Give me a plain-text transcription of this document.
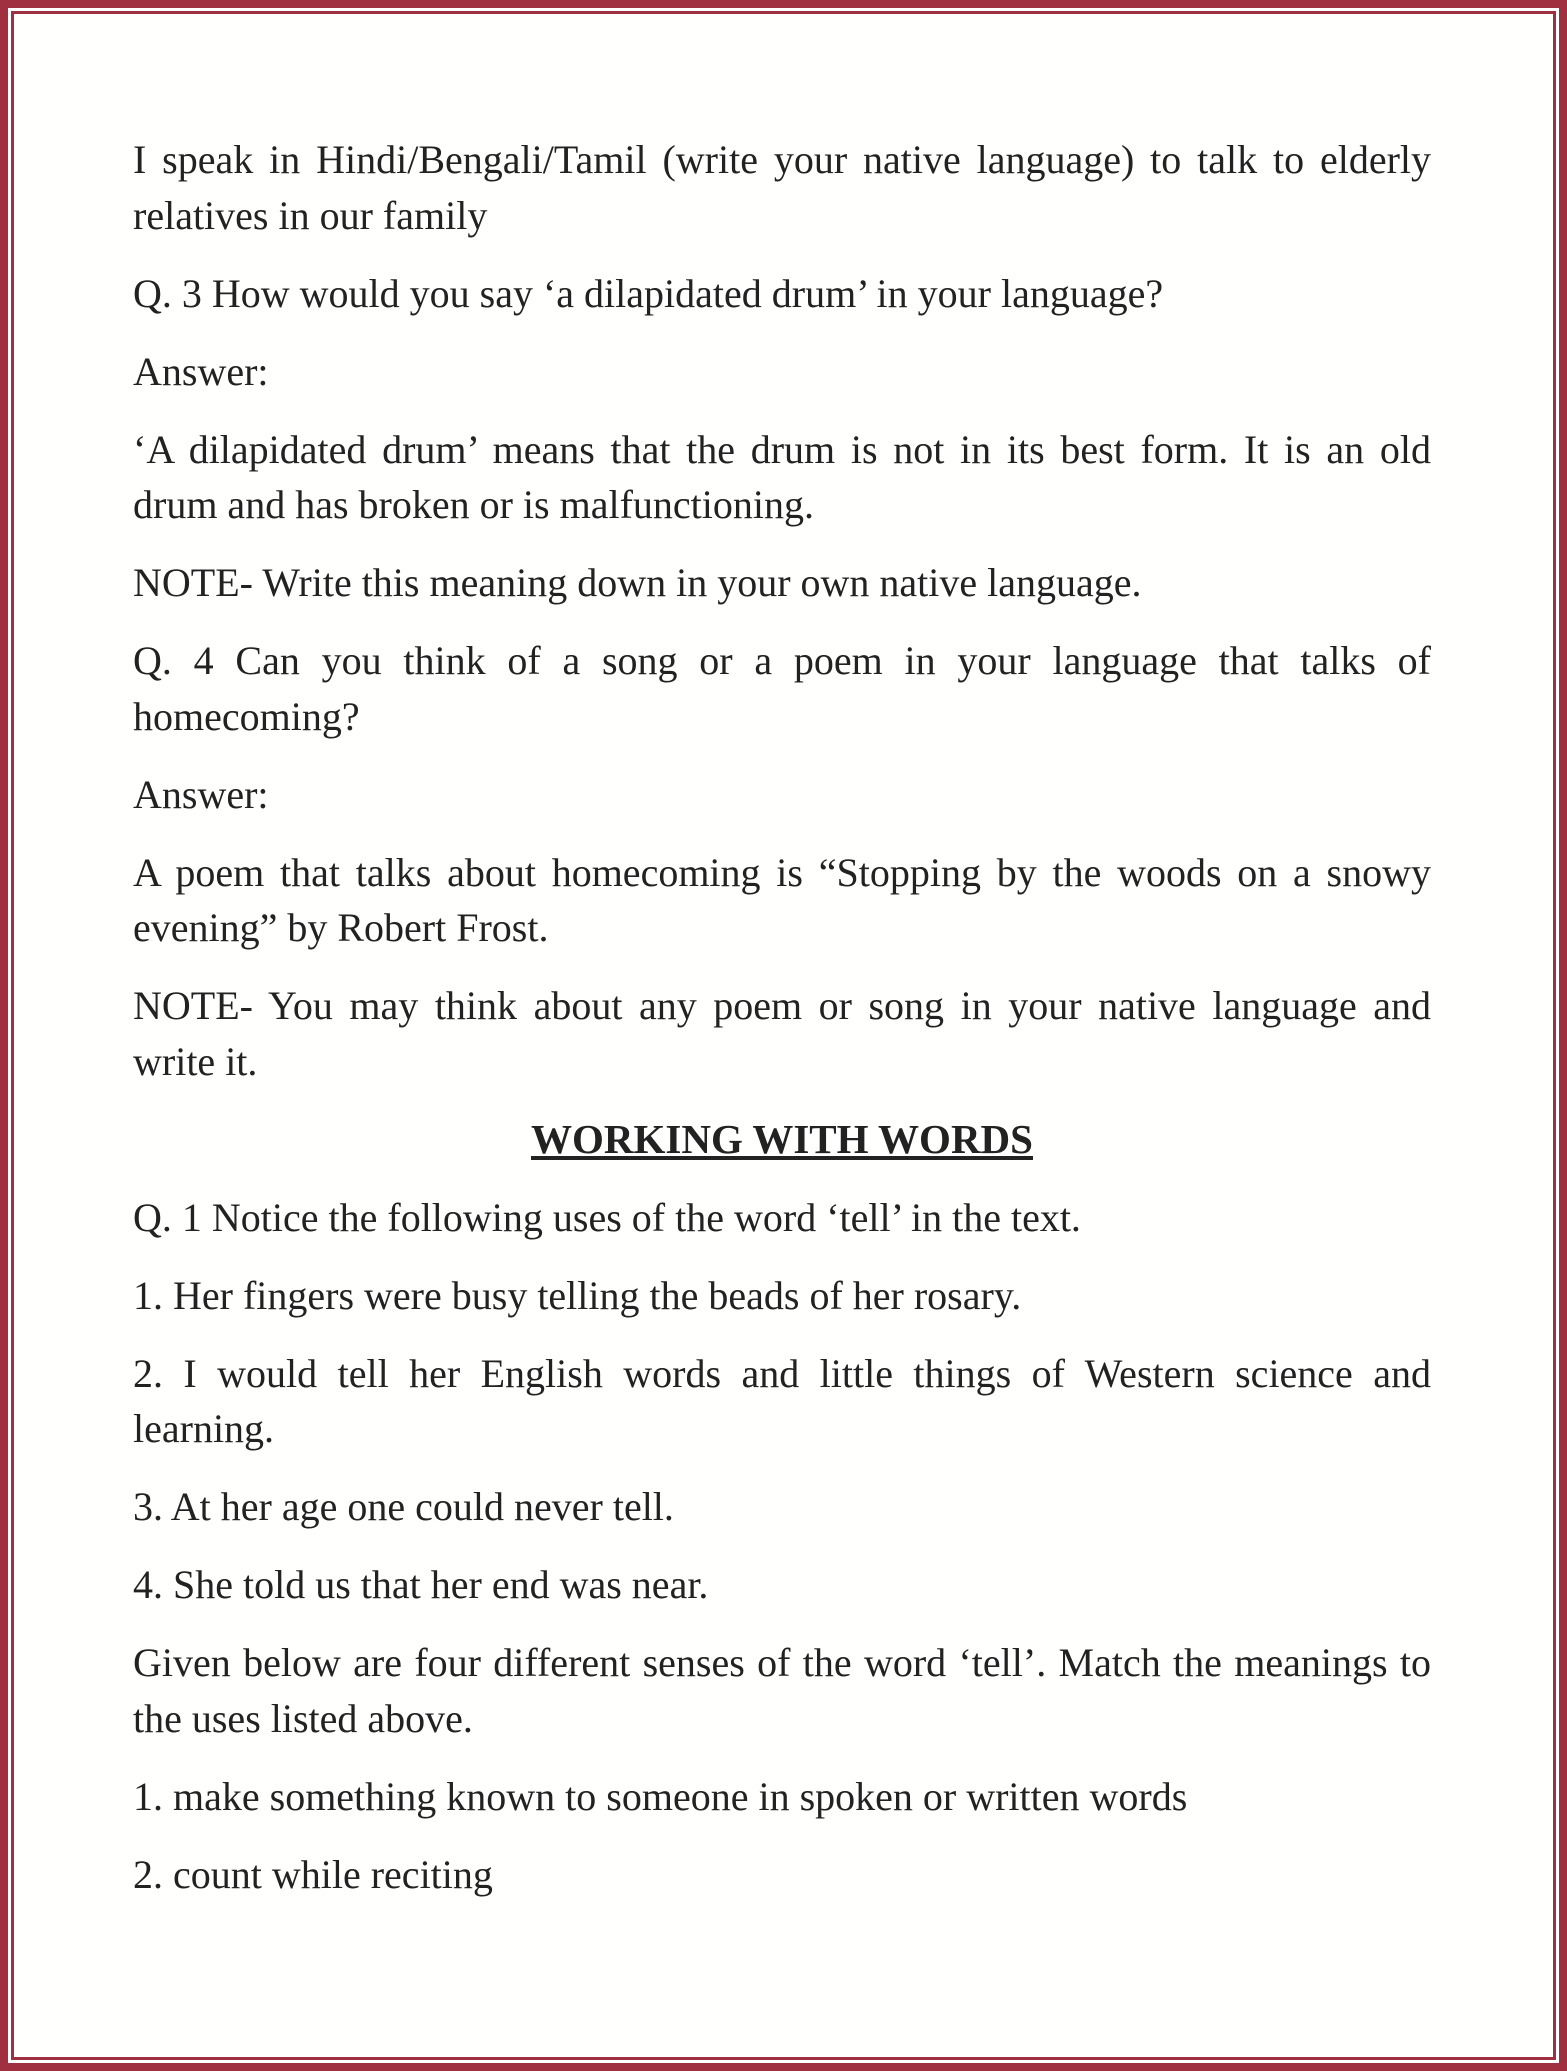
I speak in Hindi/Bengali/Tamil (write your native language) to talk to elderly relatives in our family

Q. 3 How would you say ‘a dilapidated drum’ in your language?

Answer:

‘A dilapidated drum’ means that the drum is not in its best form. It is an old drum and has broken or is malfunctioning.

NOTE- Write this meaning down in your own native language.

Q. 4 Can you think of a song or a poem in your language that talks of homecoming?

Answer:

A poem that talks about homecoming is “Stopping by the woods on a snowy evening” by Robert Frost.

NOTE- You may think about any poem or song in your native language and write it.

WORKING WITH WORDS

Q. 1 Notice the following uses of the word ‘tell’ in the text.

1. Her fingers were busy telling the beads of her rosary.

2. I would tell her English words and little things of Western science and learning.

3. At her age one could never tell.

4. She told us that her end was near.

Given below are four different senses of the word ‘tell’. Match the meanings to the uses listed above.

1. make something known to someone in spoken or written words

2. count while reciting
